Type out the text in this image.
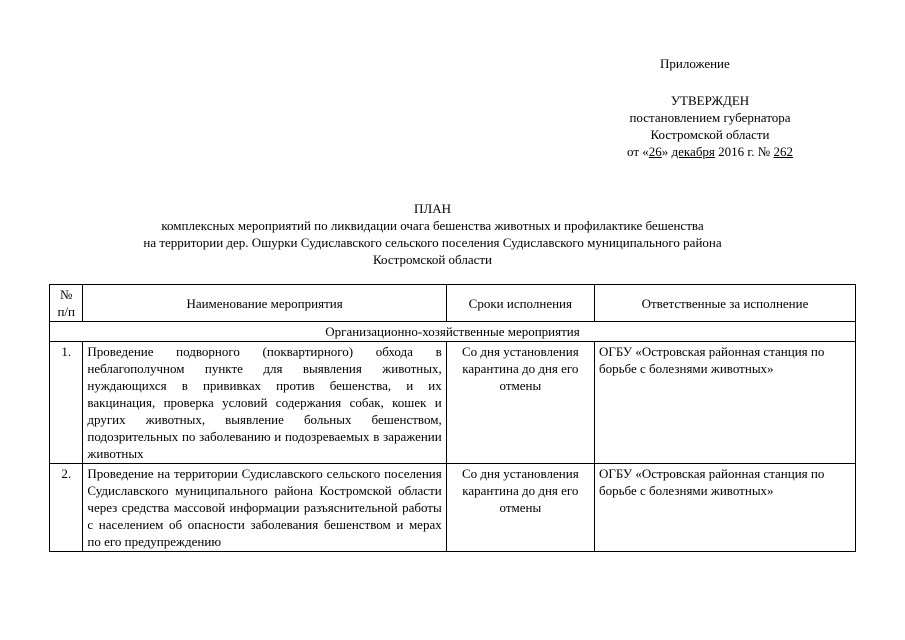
Приложение
УТВЕРЖДЕН
постановлением губернатора
Костромской области
от «26» декабря 2016 г. № 262
ПЛАН
комплексных мероприятий по ликвидации очага бешенства животных и профилактике бешенства
на территории дер. Ошурки Судиславского сельского поселения Судиславского муниципального района
Костромской области
№
п/п	Наименование мероприятия	Сроки исполнения	Ответственные за исполнение
Организационно-хозяйственные мероприятия			
1.	Проведение подворного (поквартирного) обхода в неблагополучном пункте для выявления животных, нуждающихся в прививках против бешенства, и их вакцинация, проверка условий содержания собак, кошек и других животных, выявление больных бешенством, подозрительных по заболеванию и подозреваемых в заражении животных	Со дня установления карантина до дня его отмены	ОГБУ «Островская районная станция по борьбе с болезнями животных»
2.	Проведение на территории Судиславского сельского поселения Судиславского муниципального района Костромской области через средства массовой информации разъяснительной работы с населением об опасности заболевания бешенством и мерах по его предупреждению	Со дня установления карантина до дня его отмены	ОГБУ «Островская районная станция по борьбе с болезнями животных»
